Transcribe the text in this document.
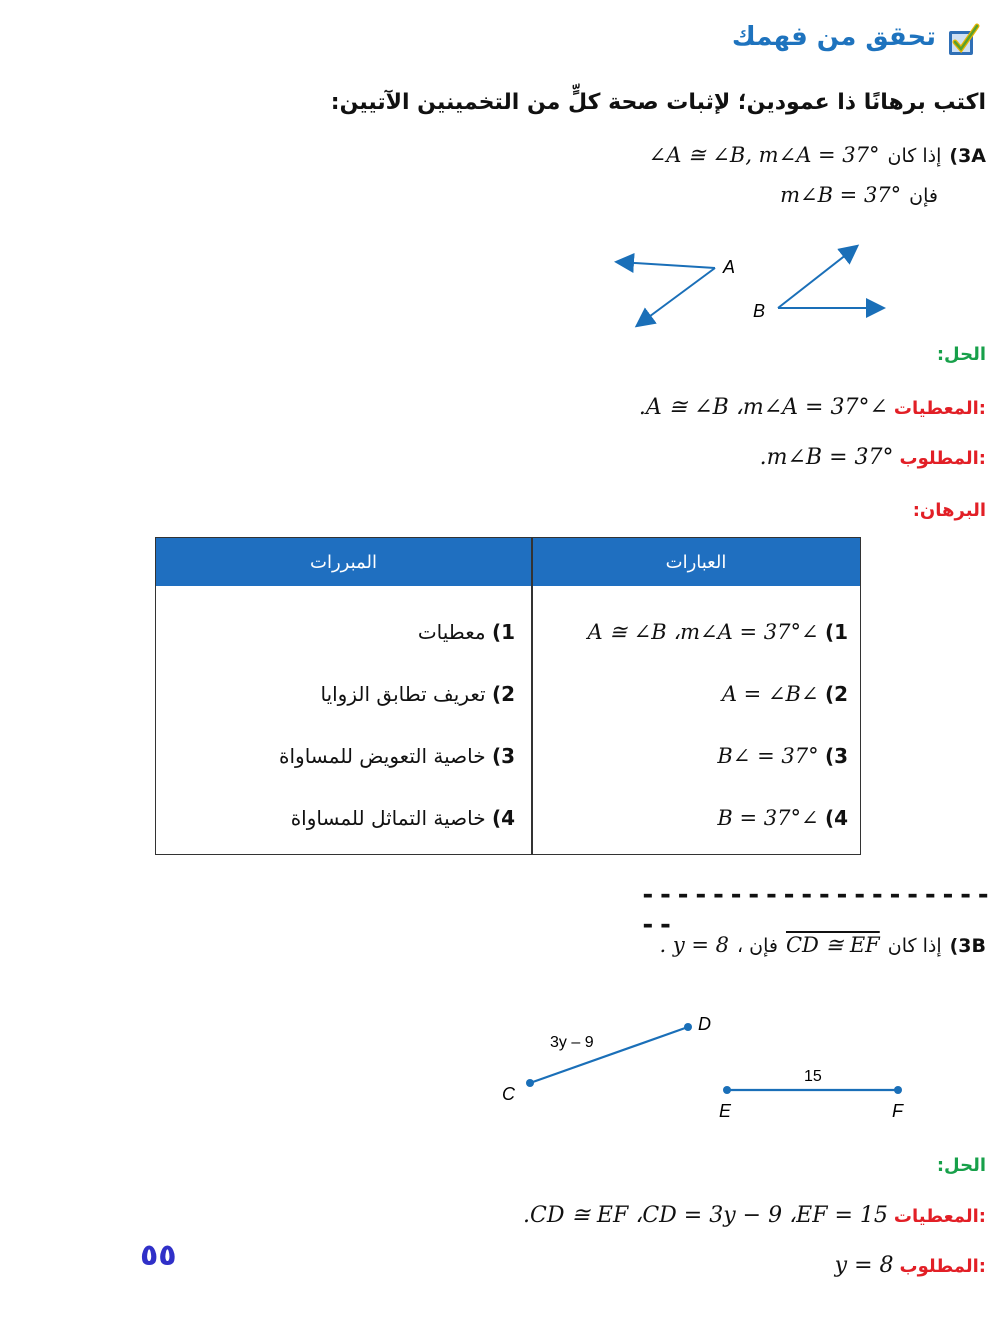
تحقق من فهمك
اكتب برهانًا ذا عمودين؛ لإثبات صحة كلٍّ من التخمينين الآتيين:
(3A
إذا كان
∠A ≅ ∠B, m∠A = 37°
فإن
m∠B = 37°
A
B
الحل:
المعطيات:
∠A ≅ ∠B ،m∠A = 37°.
المطلوب:
m∠B = 37°.
البرهان:
المبررات	العبارات
1) ∠A ≅ ∠B ،m∠A = 37°
1) معطيات
2) ∠A = ∠B
2) تعريف تطابق الزوايا
3) 37° = ∠B
3) خاصية التعويض للمساواة
4) ∠B = 37°
4) خاصية التماثل للمساواة
----------------------
(3B
إذا كان
CD ≅ EF
، فإن
y = 8 .
C
D
E	F
3y – 9
15
الحل:
المعطيات:
CD ≅ EF ،CD = 3y − 9 ،EF = 15.
المطلوب:
y = 8
٥٥
